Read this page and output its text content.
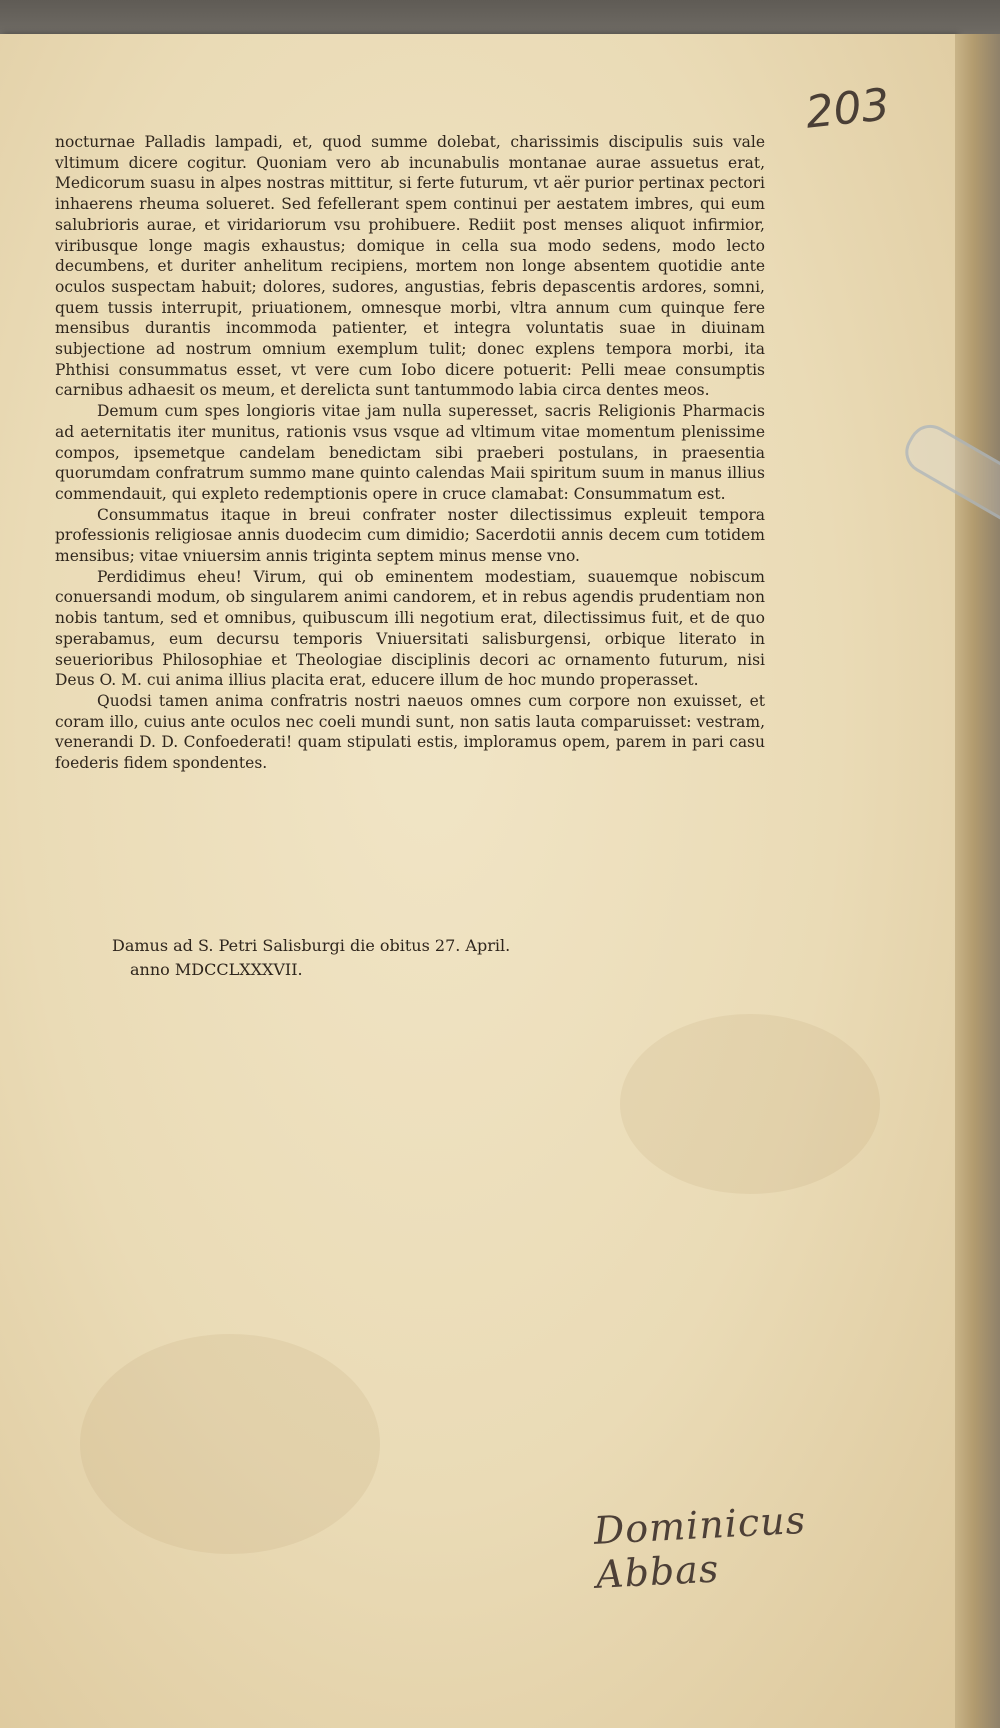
203

nocturnae Palladis lampadi, et, quod summe dolebat, charissimis discipulis suis vale vltimum dicere cogitur. Quoniam vero ab incunabulis montanae aurae assuetus erat, Medicorum suasu in alpes nostras mittitur, si ferte futurum, vt aër purior pertinax pectori inhaerens rheuma solueret. Sed fefellerant spem continui per aestatem imbres, qui eum salubrioris aurae, et viridariorum vsu prohibuere. Rediit post menses aliquot infirmior, viribusque longe magis exhaustus; domique in cella sua modo sedens, modo lecto decumbens, et duriter anhelitum recipiens, mortem non longe absentem quotidie ante oculos suspectam habuit; dolores, sudores, angustias, febris depascentis ardores, somni, quem tussis interrupit, priuationem, omnesque morbi, vltra annum cum quinque fere mensibus durantis incommoda patienter, et integra voluntatis suae in diuinam subjectione ad nostrum omnium exemplum tulit; donec explens tempora morbi, ita Phthisi consummatus esset, vt vere cum Iobo dicere potuerit: Pelli meae consumptis carnibus adhaesit os meum, et derelicta sunt tantummodo labia circa dentes meos.

Demum cum spes longioris vitae jam nulla superesset, sacris Religionis Pharmacis ad aeternitatis iter munitus, rationis vsus vsque ad vltimum vitae momentum plenissime compos, ipsemetque candelam benedictam sibi praeberi postulans, in praesentia quorumdam confratrum summo mane quinto calendas Maii spiritum suum in manus illius commendauit, qui expleto redemptionis opere in cruce clamabat: Consummatum est.

Consummatus itaque in breui confrater noster dilectissimus expleuit tempora professionis religiosae annis duodecim cum dimidio; Sacerdotii annis decem cum totidem mensibus; vitae vniuersim annis triginta septem minus mense vno.

Perdidimus eheu! Virum, qui ob eminentem modestiam, suauemque nobiscum conuersandi modum, ob singularem animi candorem, et in rebus agendis prudentiam non nobis tantum, sed et omnibus, quibuscum illi negotium erat, dilectissimus fuit, et de quo sperabamus, eum decursu temporis Vniuersitati salisburgensi, orbique literato in seuerioribus Philosophiae et Theologiae disciplinis decori ac ornamento futurum, nisi Deus O. M. cui anima illius placita erat, educere illum de hoc mundo properasset.

Quodsi tamen anima confratris nostri naeuos omnes cum corpore non exuisset, et coram illo, cuius ante oculos nec coeli mundi sunt, non satis lauta comparuisset: vestram, venerandi D. D. Confoederati! quam stipulati estis, imploramus opem, parem in pari casu foederis fidem spondentes.

Damus ad S. Petri Salisburgi die obitus 27. April.
anno MDCCLXXXVII.
Dominicus Abbas
